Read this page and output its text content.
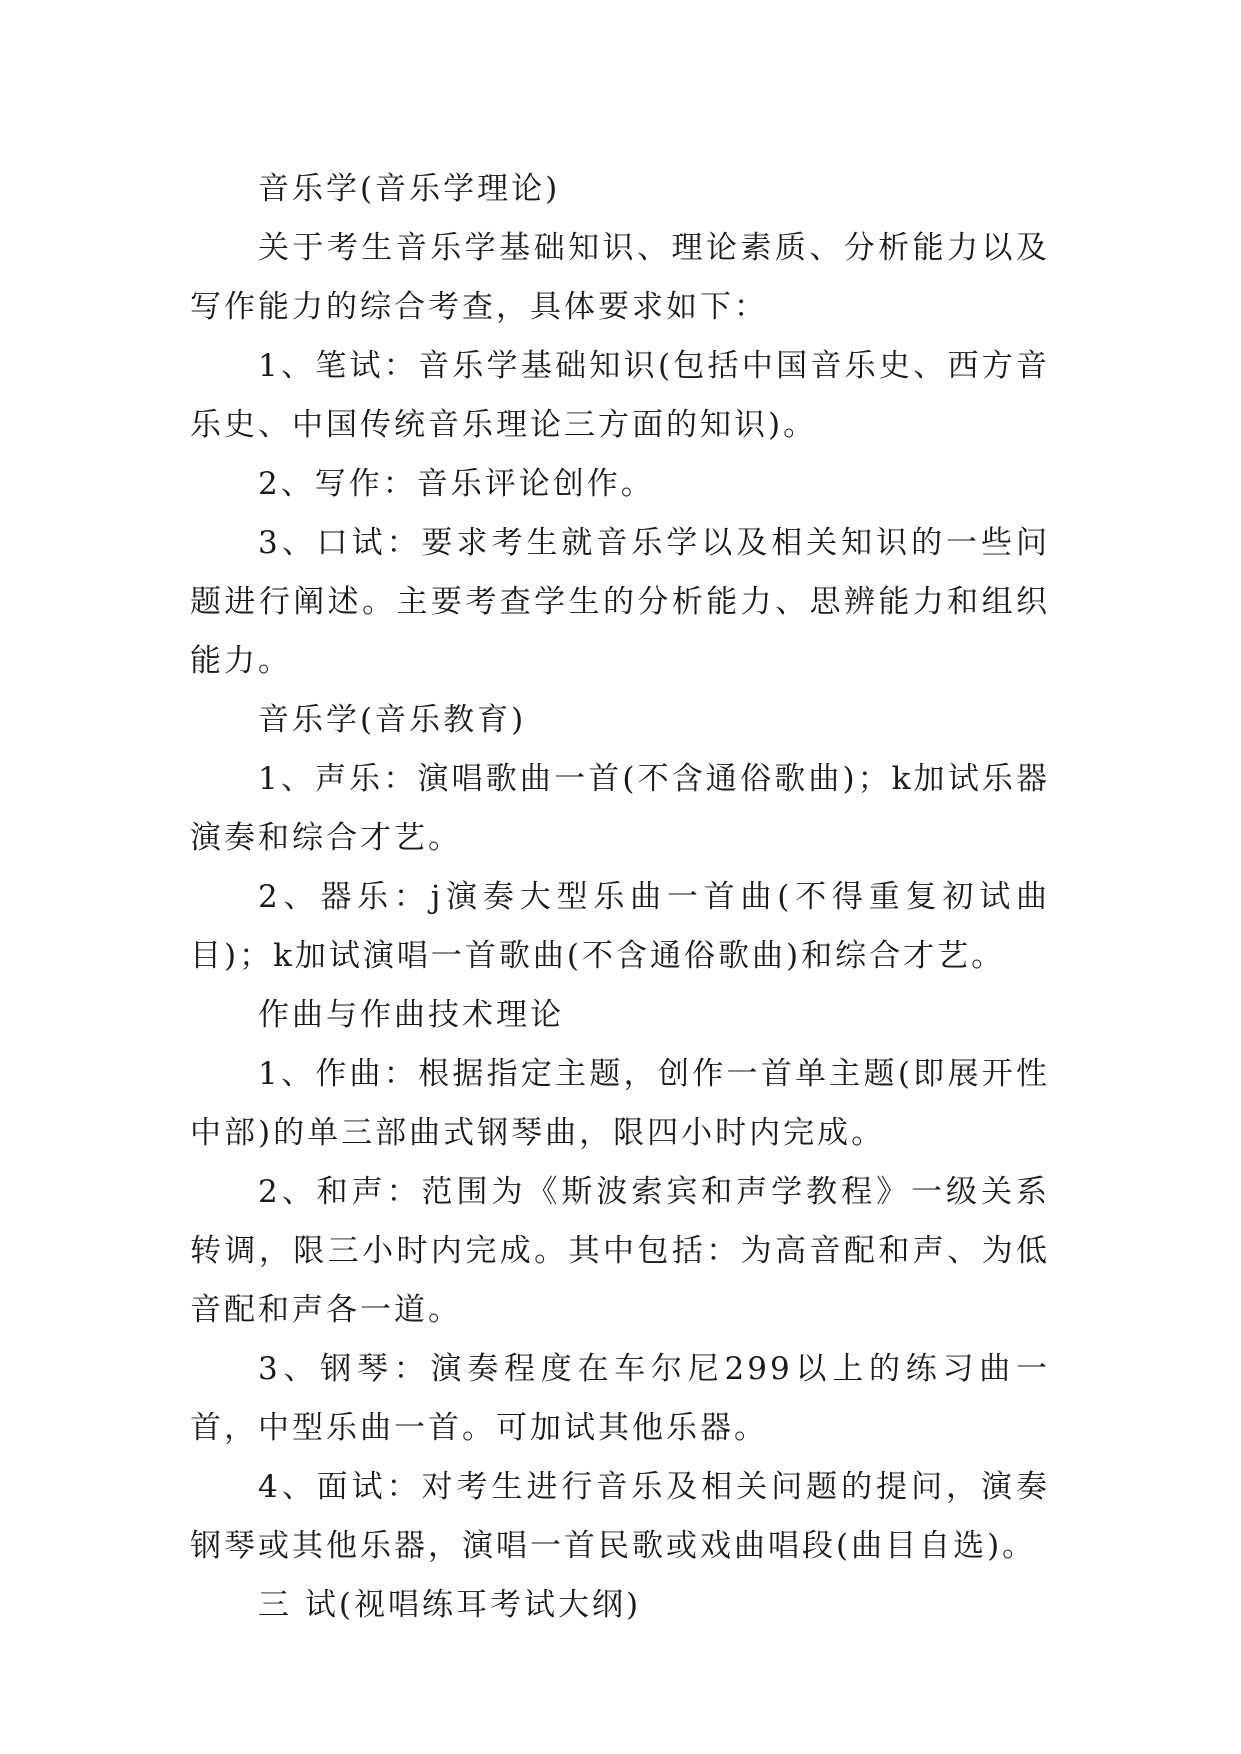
音乐学(音乐学理论)

关于考生音乐学基础知识、理论素质、分析能力以及写作能力的综合考查，具体要求如下：

1、笔试：音乐学基础知识(包括中国音乐史、西方音乐史、中国传统音乐理论三方面的知识)。

2、写作：音乐评论创作。

3、口试：要求考生就音乐学以及相关知识的一些问题进行阐述。主要考查学生的分析能力、思辨能力和组织能力。

音乐学(音乐教育)

1、声乐：演唱歌曲一首(不含通俗歌曲)；k加试乐器演奏和综合才艺。

2、器乐：j演奏大型乐曲一首曲(不得重复初试曲目)；k加试演唱一首歌曲(不含通俗歌曲)和综合才艺。

作曲与作曲技术理论

1、作曲：根据指定主题，创作一首单主题(即展开性中部)的单三部曲式钢琴曲，限四小时内完成。

2、和声：范围为《斯波索宾和声学教程》一级关系转调，限三小时内完成。其中包括：为高音配和声、为低音配和声各一道。

3、钢琴：演奏程度在车尔尼299以上的练习曲一首，中型乐曲一首。可加试其他乐器。

4、面试：对考生进行音乐及相关问题的提问，演奏钢琴或其他乐器，演唱一首民歌或戏曲唱段(曲目自选)。

三 试(视唱练耳考试大纲)
